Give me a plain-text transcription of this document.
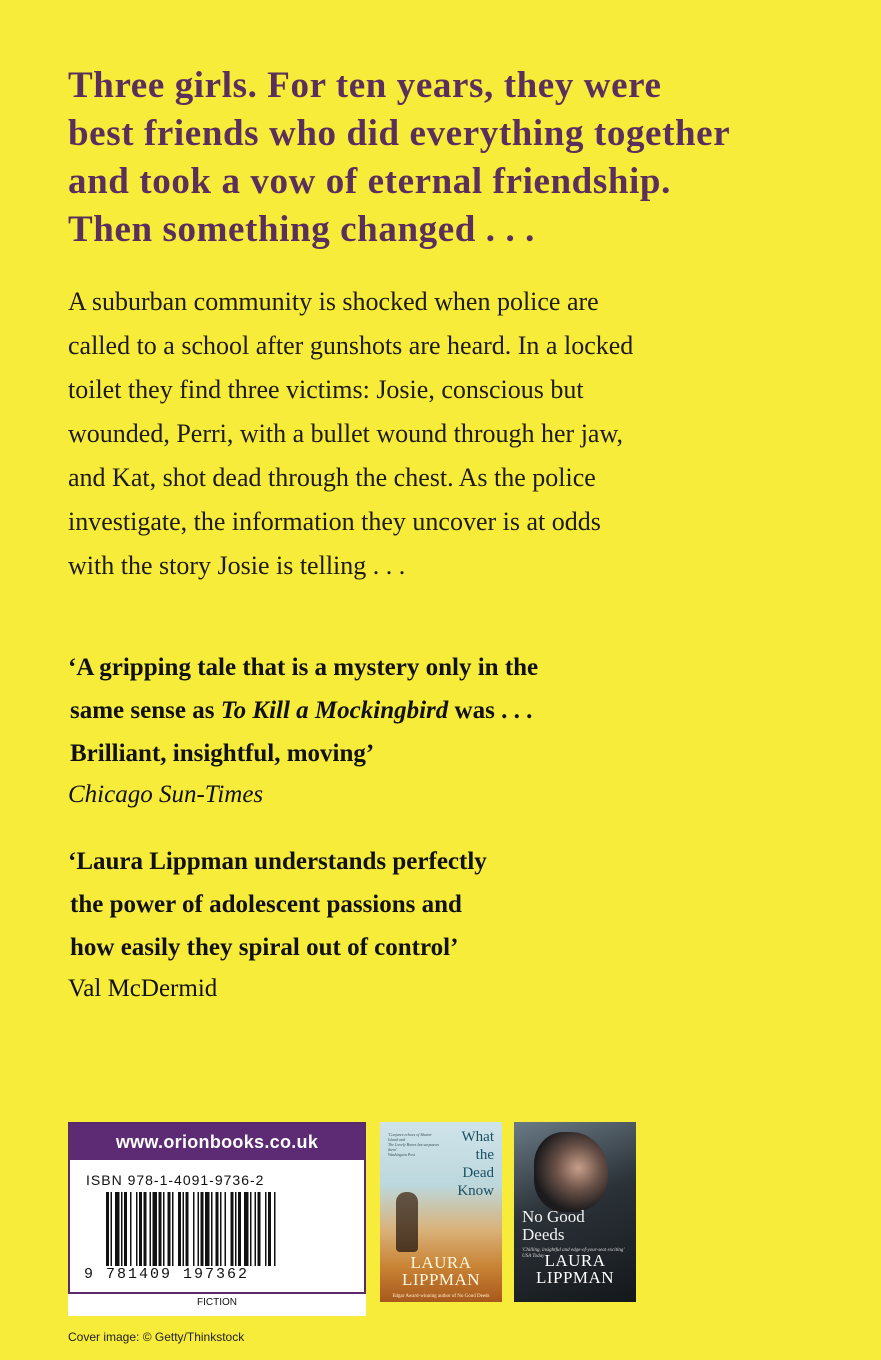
Three girls. For ten years, they were
best friends who did everything together
and took a vow of eternal friendship.
Then something changed . . .
A suburban community is shocked when police are
called to a school after gunshots are heard. In a locked
toilet they find three victims: Josie, conscious but
wounded, Perri, with a bullet wound through her jaw,
and Kat, shot dead through the chest. As the police
investigate, the information they uncover is at odds
with the story Josie is telling . . .
‘A gripping tale that is a mystery only in the
same sense as To Kill a Mockingbird was . . .
Brilliant, insightful, moving’
Chicago Sun-Times
‘Laura Lippman understands perfectly
the power of adolescent passions and
how easily they spiral out of control’
Val McDermid
www.orionbooks.co.uk
ISBN 978-1-4091-9736-2
9 781409 197362
FICTION
Cover image: © Getty/Thinkstock
'Conjures echoes of Shutter Island and
The Lovely Bones but surpasses them'
Washington Post
What
the
Dead
Know
LAURA
LIPPMAN
Edgar Award-winning author of No Good Deeds
No Good
Deeds
'Chilling, insightful and edge-of-your-seat exciting' USA Today LAURA
LIPPMAN
